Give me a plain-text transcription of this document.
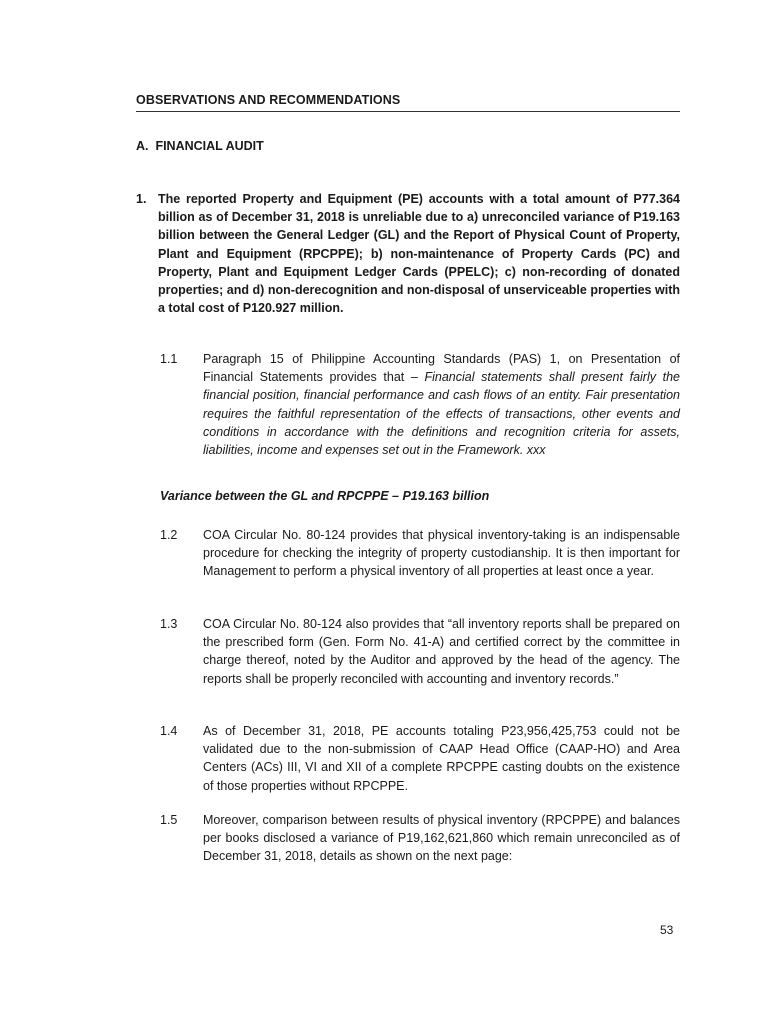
OBSERVATIONS AND RECOMMENDATIONS
A.  FINANCIAL AUDIT
1. The reported Property and Equipment (PE) accounts with a total amount of P77.364 billion as of December 31, 2018 is unreliable due to a) unreconciled variance of P19.163 billion between the General Ledger (GL) and the Report of Physical Count of Property, Plant and Equipment (RPCPPE); b) non-maintenance of Property Cards (PC) and Property, Plant and Equipment Ledger Cards (PPELC); c) non-recording of donated properties; and d) non-derecognition and non-disposal of unserviceable properties with a total cost of P120.927 million.
1.1 Paragraph 15 of Philippine Accounting Standards (PAS) 1, on Presentation of Financial Statements provides that – Financial statements shall present fairly the financial position, financial performance and cash flows of an entity. Fair presentation requires the faithful representation of the effects of transactions, other events and conditions in accordance with the definitions and recognition criteria for assets, liabilities, income and expenses set out in the Framework. xxx
Variance between the GL and RPCPPE – P19.163 billion
1.2 COA Circular No. 80-124 provides that physical inventory-taking is an indispensable procedure for checking the integrity of property custodianship. It is then important for Management to perform a physical inventory of all properties at least once a year.
1.3 COA Circular No. 80-124 also provides that “all inventory reports shall be prepared on the prescribed form (Gen. Form No. 41-A) and certified correct by the committee in charge thereof, noted by the Auditor and approved by the head of the agency. The reports shall be properly reconciled with accounting and inventory records.”
1.4 As of December 31, 2018, PE accounts totaling P23,956,425,753 could not be validated due to the non-submission of CAAP Head Office (CAAP-HO) and Area Centers (ACs) III, VI and XII of a complete RPCPPE casting doubts on the existence of those properties without RPCPPE.
1.5 Moreover, comparison between results of physical inventory (RPCPPE) and balances per books disclosed a variance of P19,162,621,860 which remain unreconciled as of December 31, 2018, details as shown on the next page:
53
